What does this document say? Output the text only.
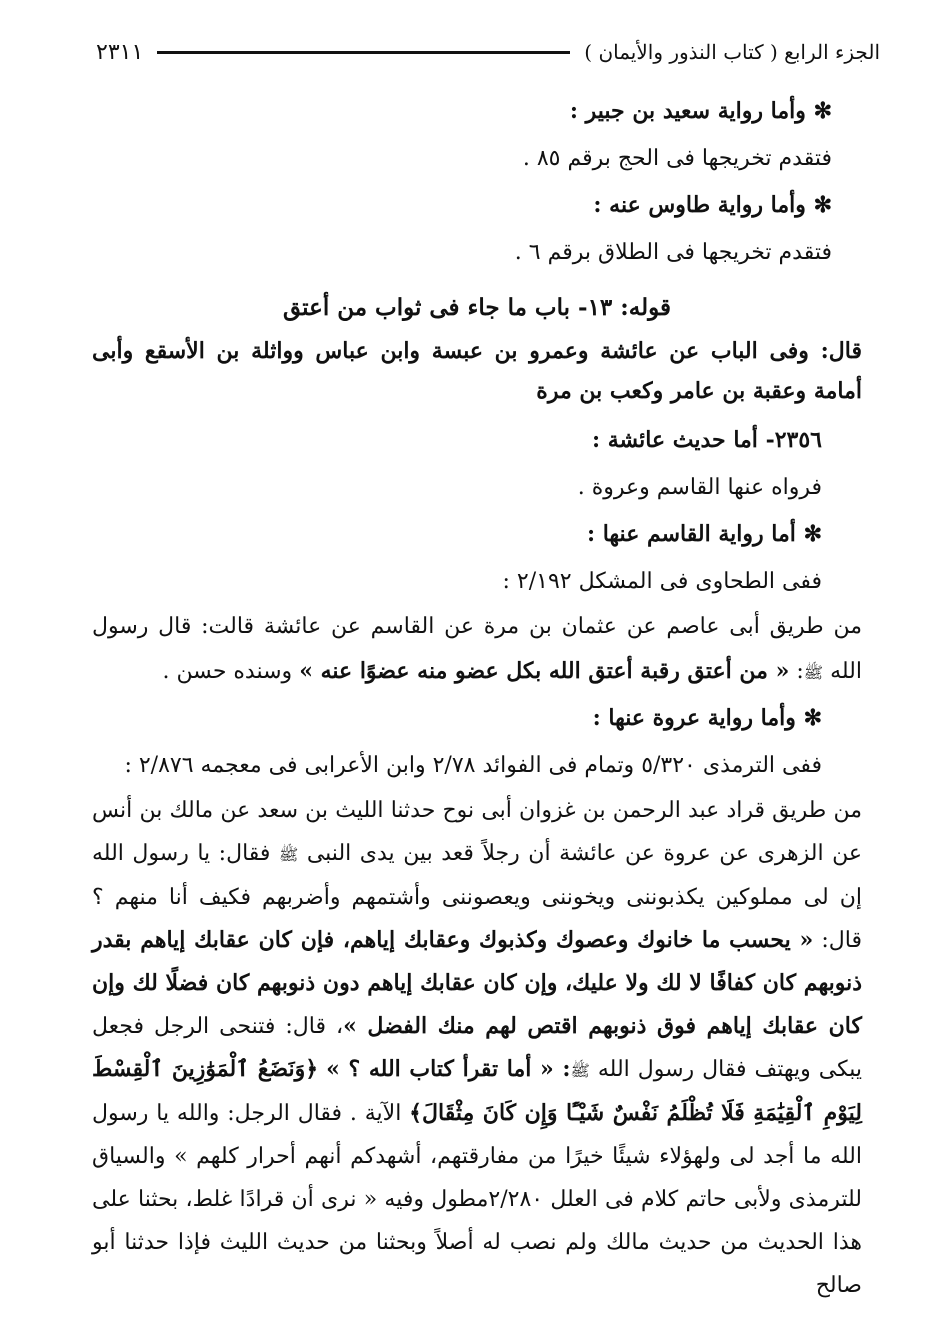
الجزء الرابع ( كتاب النذور والأيمان )
٢٣١١

✻ وأما رواية سعيد بن جبير :

فتقدم تخريجها فى الحج برقم ٨٥ .

✻ وأما رواية طاوس عنه :

فتقدم تخريجها فى الطلاق برقم ٦ .

قوله: ١٣- باب ما جاء فى ثواب من أعتق

قال: وفى الباب عن عائشة وعمرو بن عبسة وابن عباس وواثلة بن الأسقع وأبى أمامة وعقبة بن عامر وكعب بن مرة

٢٣٥٦- أما حديث عائشة :

فرواه عنها القاسم وعروة .

✻ أما رواية القاسم عنها :

ففى الطحاوى فى المشكل ٢/١٩٢ :

من طريق أبى عاصم عن عثمان بن مرة عن القاسم عن عائشة قالت: قال رسول الله ﷺ: « من أعتق رقبة أعتق الله بكل عضو منه عضوًا عنه » وسنده حسن .

✻ وأما رواية عروة عنها :

ففى الترمذى ٥/٣٢٠ وتمام فى الفوائد ٢/٧٨ وابن الأعرابى فى معجمه ٢/٨٧٦ :

من طريق قراد عبد الرحمن بن غزوان أبى نوح حدثنا الليث بن سعد عن مالك بن أنس عن الزهرى عن عروة عن عائشة أن رجلاً قعد بين يدى النبى ﷺ فقال: يا رسول الله إن لى مملوكين يكذبوننى ويخوننى ويعصوننى وأشتمهم وأضربهم فكيف أنا منهم ؟ قال: « يحسب ما خانوك وعصوك وكذبوك وعقابك إياهم، فإن كان عقابك إياهم بقدر ذنوبهم كان كفافًا لا لك ولا عليك، وإن كان عقابك إياهم دون ذنوبهم كان فضلًا لك وإن كان عقابك إياهم فوق ذنوبهم اقتص لهم منك الفضل »، قال: فتنحى الرجل فجعل يبكى ويهتف فقال رسول الله ﷺ: « أما تقرأ كتاب الله ؟ » ﴿وَنَضَعُ ٱلْمَوَٰزِينَ ٱلْقِسْطَ لِيَوْمِ ٱلْقِيَٰمَةِ فَلَا تُظْلَمُ نَفْسٌ شَيْـًٔا وَإِن كَانَ مِثْقَالَ﴾ الآية . فقال الرجل: والله يا رسول الله ما أجد لى ولهؤلاء شيئًا خيرًا من مفارقتهم، أشهدكم أنهم أحرار كلهم » والسياق للترمذى ولأبى حاتم كلام فى العلل ٢/٢٨٠مطول وفيه « نرى أن قرادًا غلط، بحثنا على هذا الحديث من حديث مالك ولم نصب له أصلاً وبحثنا من حديث الليث فإذا حدثنا أبو صالح
